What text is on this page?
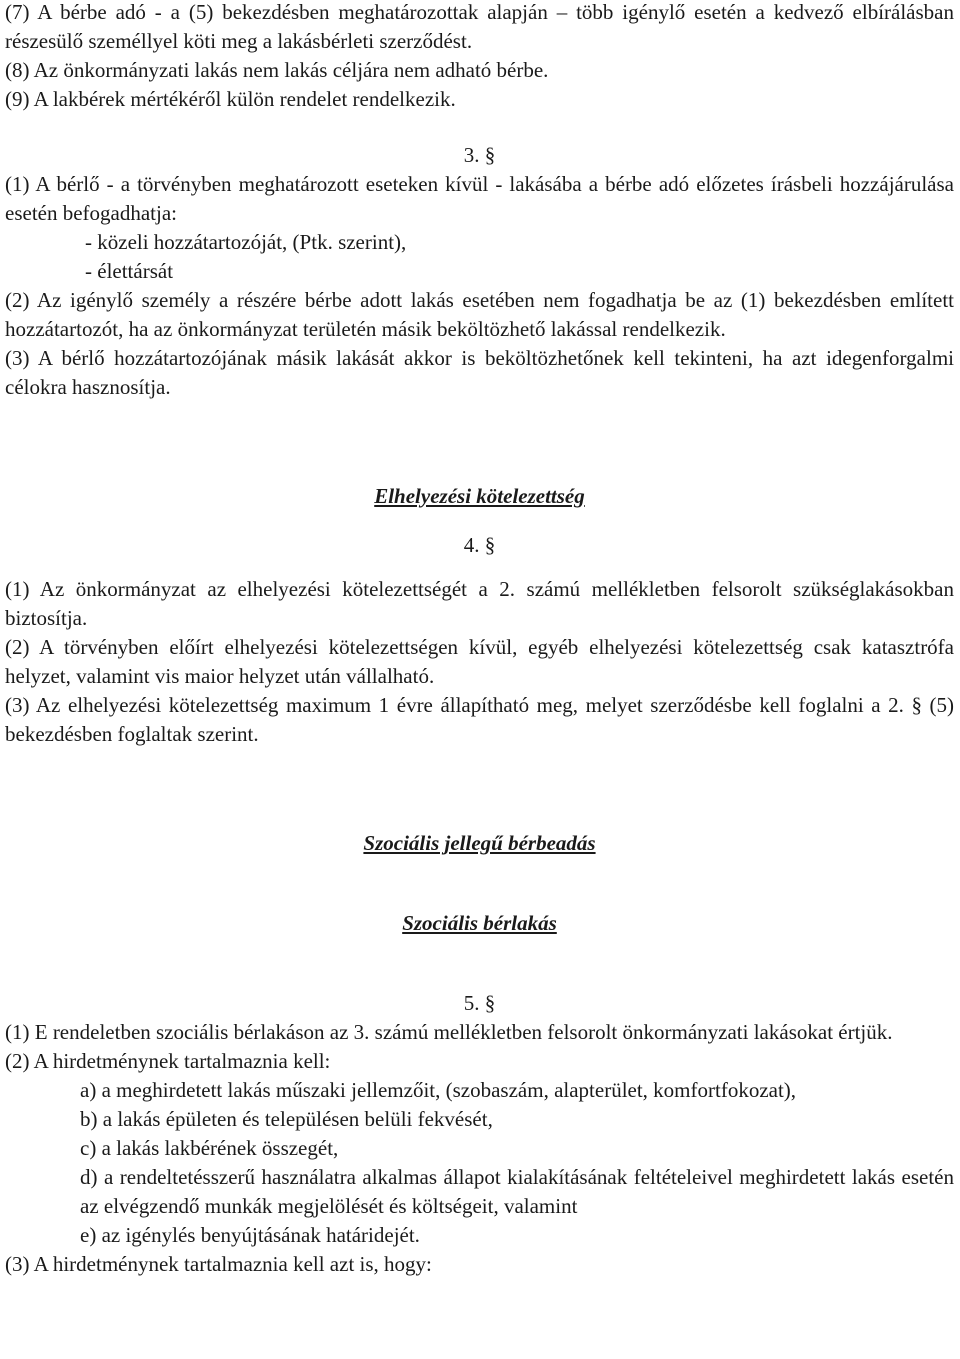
(7) A bérbe adó - a (5) bekezdésben meghatározottak alapján – több igénylő esetén a kedvező elbírálásban részesülő személlyel köti meg a lakásbérleti szerződést.

(8) Az önkormányzati lakás nem lakás céljára nem adható bérbe.

(9) A lakbérek mértékéről külön rendelet rendelkezik.

3. §

(1) A bérlő - a törvényben meghatározott eseteken kívül - lakásába a bérbe adó előzetes írásbeli hozzájárulása esetén befogadhatja:

- közeli hozzátartozóját, (Ptk. szerint),

- élettársát

(2) Az igénylő személy a részére bérbe adott lakás esetében nem fogadhatja be az (1) bekezdésben említett hozzátartozót, ha az önkormányzat területén másik beköltözhető lakással rendelkezik.

(3) A bérlő hozzátartozójának másik lakását akkor is beköltözhetőnek kell tekinteni, ha azt idegenforgalmi célokra hasznosítja.

Elhelyezési kötelezettség

4. §

(1) Az önkormányzat az elhelyezési kötelezettségét a 2. számú mellékletben felsorolt szükséglakásokban biztosítja.

(2) A törvényben előírt elhelyezési kötelezettségen kívül, egyéb elhelyezési kötelezettség csak katasztrófa helyzet, valamint vis maior helyzet után vállalható.

(3) Az elhelyezési kötelezettség maximum 1 évre állapítható meg, melyet szerződésbe kell foglalni a 2. § (5) bekezdésben foglaltak szerint.

Szociális jellegű bérbeadás

Szociális bérlakás

5. §

(1) E rendeletben szociális bérlakáson az 3. számú mellékletben felsorolt önkormányzati lakásokat értjük.

(2) A hirdetménynek tartalmaznia kell:

a) a meghirdetett lakás műszaki jellemzőit, (szobaszám, alapterület, komfortfokozat),

b) a lakás épületen és településen belüli fekvését,

c) a lakás lakbérének összegét,

d) a rendeltetésszerű használatra alkalmas állapot kialakításának feltételeivel meghirdetett lakás esetén az elvégzendő munkák megjelölését és költségeit, valamint

e) az igénylés benyújtásának határidejét.

(3) A hirdetménynek tartalmaznia kell azt is, hogy:
